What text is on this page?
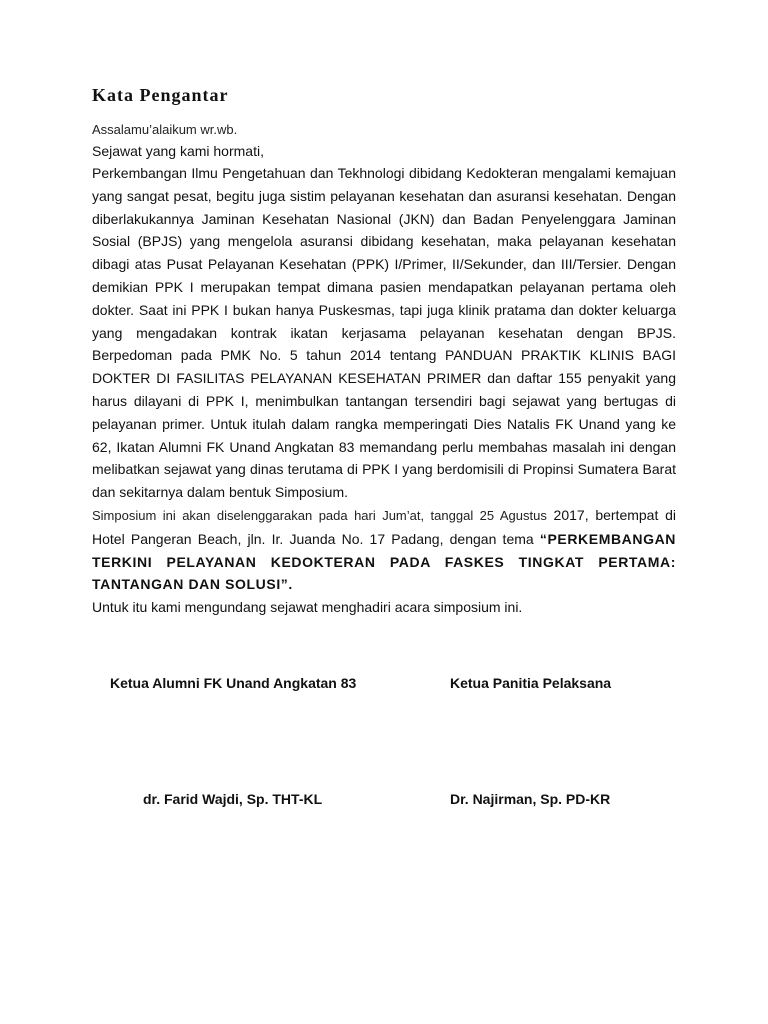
Kata Pengantar

Assalamu’alaikum wr.wb.

Sejawat yang kami hormati,

Perkembangan Ilmu Pengetahuan dan Tekhnologi dibidang Kedokteran mengalami kemajuan yang sangat pesat, begitu juga sistim pelayanan kesehatan dan asuransi kesehatan. Dengan diberlakukannya Jaminan Kesehatan Nasional (JKN) dan Badan Penyelenggara Jaminan Sosial (BPJS) yang mengelola asuransi dibidang kesehatan, maka pelayanan kesehatan dibagi atas Pusat Pelayanan Kesehatan (PPK) I/Primer, II/Sekunder, dan III/Tersier. Dengan demikian PPK I merupakan tempat dimana pasien mendapatkan pelayanan pertama oleh dokter. Saat ini PPK I bukan hanya Puskesmas, tapi juga klinik pratama dan dokter keluarga yang mengadakan kontrak ikatan kerjasama pelayanan kesehatan dengan BPJS. Berpedoman pada PMK No. 5 tahun 2014 tentang PANDUAN PRAKTIK KLINIS BAGI DOKTER DI FASILITAS PELAYANAN KESEHATAN PRIMER dan daftar 155 penyakit yang harus dilayani di PPK I, menimbulkan tantangan tersendiri bagi sejawat yang bertugas di pelayanan primer. Untuk itulah dalam rangka memperingati Dies Natalis FK Unand yang ke 62, Ikatan Alumni FK Unand Angkatan 83 memandang perlu membahas masalah ini dengan melibatkan sejawat yang dinas terutama di PPK I yang berdomisili di Propinsi Sumatera Barat dan sekitarnya dalam bentuk Simposium.

Simposium ini akan diselenggarakan pada hari Jum’at, tanggal 25 Agustus 2017, bertempat di Hotel Pangeran Beach, jln. Ir. Juanda No. 17 Padang, dengan tema “PERKEMBANGAN TERKINI PELAYANAN KEDOKTERAN PADA FASKES TINGKAT PERTAMA: TANTANGAN DAN SOLUSI”.

Untuk itu kami mengundang sejawat menghadiri acara simposium ini.

Ketua Alumni FK Unand Angkatan 83	Ketua Panitia Pelaksana
dr. Farid Wajdi, Sp. THT-KL	Dr. Najirman, Sp. PD-KR
